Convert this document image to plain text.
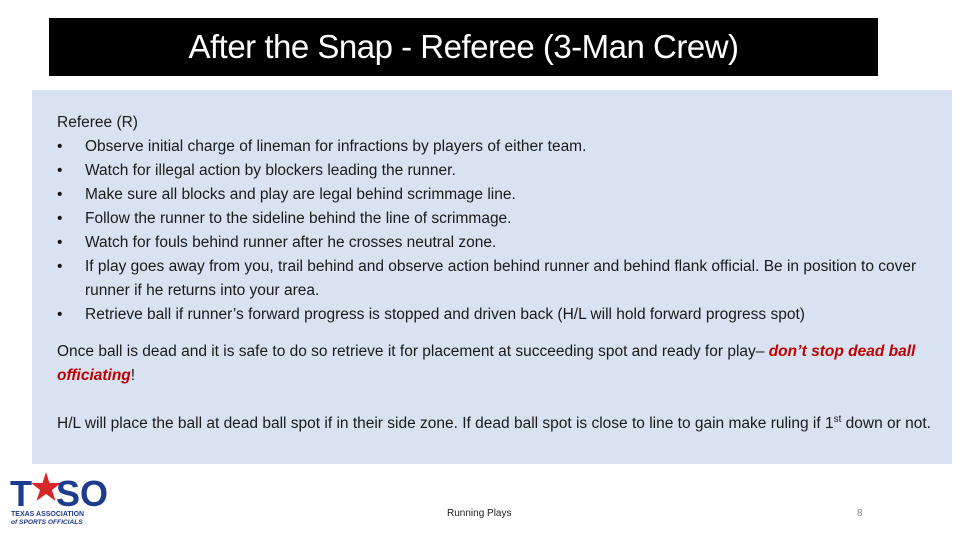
After the Snap - Referee (3-Man Crew)

Referee (R)

• Observe initial charge of lineman for infractions by players of either team.
• Watch for illegal action by blockers leading the runner.
• Make sure all blocks and play are legal behind scrimmage line.
• Follow the runner to the sideline behind the line of scrimmage.
• Watch for fouls behind runner after he crosses neutral zone.
• If play goes away from you, trail behind and observe action behind runner and behind flank official. Be in position to cover runner if he returns into your area.
• Retrieve ball if runner’s forward progress is stopped and driven back (H/L will hold forward progress spot)

Once ball is dead and it is safe to do so retrieve it for placement at succeeding spot and ready for play– don’t stop dead ball officiating!

H/L will place the ball at dead ball spot if in their side zone. If dead ball spot is close to line to gain make ruling if 1st down or not.

T SO
TEXAS ASSOCIATION
of SPORTS OFFICIALS
Running Plays	8
